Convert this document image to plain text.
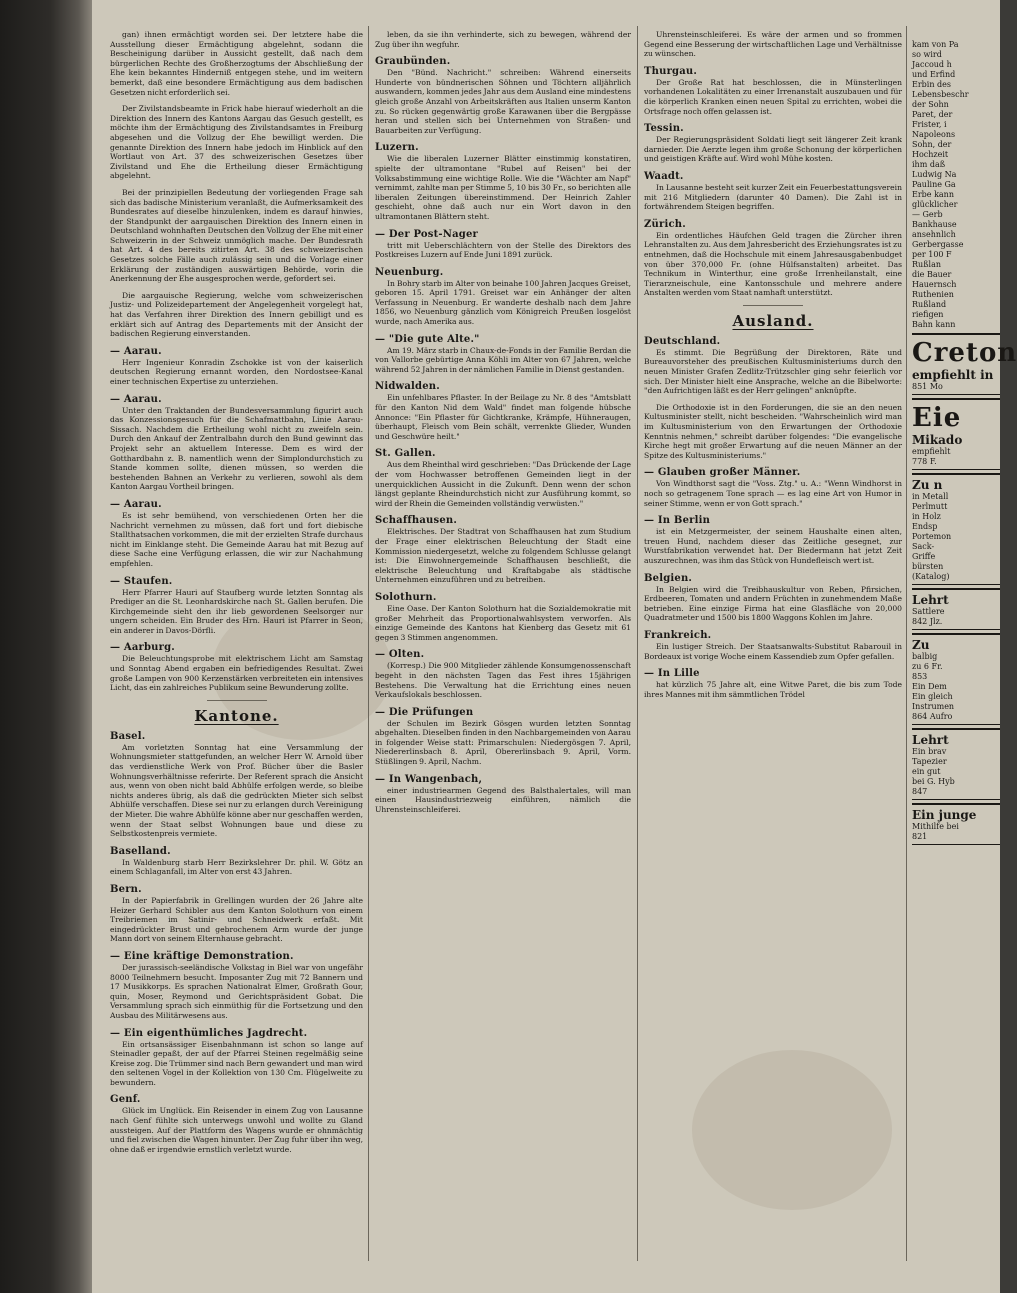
gan) ihnen ermächtigt worden sei. Der letztere habe die Ausstellung dieser Ermächtigung abgelehnt, sodann die Bescheinigung darüber in Aussicht gestellt, daß nach dem bürgerlichen Rechte des Großherzogtums der Abschließung der Ehe kein bekanntes Hinderniß entgegen stehe, und im weitern bemerkt, daß eine besondere Ermächtigung aus dem badischen Gesetzen nicht erforderlich sei.
Der Zivilstandsbeamte in Frick habe hierauf wiederholt an die Direktion des Innern des Kantons Aargau das Gesuch gestellt, es möchte ihm der Ermächtigung des Zivilstandsamtes in Freiburg abgesehen und die Vollzug der Ehe bewilligt werden. Die genannte Direktion des Innern habe jedoch im Hinblick auf den Wortlaut von Art. 37 des schweizerischen Gesetzes über Zivilstand und Ehe die Ertheilung dieser Ermächtigung abgelehnt.
Bei der prinzipiellen Bedeutung der vorliegenden Frage sah sich das badische Ministerium veranlaßt, die Aufmerksamkeit des Bundesrates auf dieselbe hinzulenken, indem es darauf hinwies, der Standpunkt der aargauischen Direktion des Innern einen in Deutschland wohnhaften Deutschen den Vollzug der Ehe mit einer Schweizerin in der Schweiz unmöglich mache. Der Bundesrath hat Art. 4 des bereits zitirten Art. 38 des schweizerischen Gesetzes solche Fälle auch zulässig sein und die Vorlage einer Erklärung der zuständigen auswärtigen Behörde, vorin die Anerkennung der Ehe ausgesprochen werde, gefordert sei.
Die aargauische Regierung, welche vom schweizerischen Justiz- und Polizeidepartement der Angelegenheit vorgelegt hat, hat das Verfahren ihrer Direktion des Innern gebilligt und es erklärt sich auf Antrag des Departements mit der Ansicht der badischen Regierung einverstanden.
— Aarau.
Herr Ingenieur Konradin Zschokke ist von der kaiserlich deutschen Regierung ernannt worden, den Nordostsee-Kanal einer technischen Expertise zu unterziehen.
— Aarau.
Unter den Traktanden der Bundesversammlung figurirt auch das Konzessionsgesuch für die Schafmattbahn, Linie Aarau-Sissach. Nachdem die Ertheilung wohl nicht zu zweifeln sein. Durch den Ankauf der Zentralbahn durch den Bund gewinnt das Projekt sehr an aktuellem Interesse. Dem es wird der Gotthardbahn z. B. namentlich wenn der Simplondurchstich zu Stande kommen sollte, dienen müssen, so werden die bestehenden Bahnen an Verkehr zu verlieren, sowohl als dem Kanton Aargau Vortheil bringen.
— Aarau.
Es ist sehr bemühend, von verschiedenen Orten her die Nachricht vernehmen zu müssen, daß fort und fort diebische Stallthatsachen vorkommen, die mit der erzielten Strafe durchaus nicht im Einklange steht. Die Gemeinde Aarau hat mit Bezug auf diese Sache eine Verfügung erlassen, die wir zur Nachahmung empfehlen.
— Staufen.
Herr Pfarrer Hauri auf Staufberg wurde letzten Sonntag als Prediger an die St. Leonhardskirche nach St. Gallen berufen. Die Kirchgemeinde sieht den ihr lieb gewordenen Seelsorger nur ungern scheiden. Ein Bruder des Hrn. Hauri ist Pfarrer in Seon, ein anderer in Davos-Dörfli.
— Aarburg.
Die Beleuchtungsprobe mit elektrischem Licht am Samstag und Sonntag Abend ergaben ein befriedigendes Resultat. Zwei große Lampen von 900 Kerzenstärken verbreiteten ein intensives Licht, das ein zahlreiches Publikum seine Bewunderung zollte.
Kantone.
Basel.
Am vorletzten Sonntag hat eine Versammlung der Wohnungsmieter stattgefunden, an welcher Herr W. Arnold über das verdienstliche Werk von Prof. Bücher über die Basler Wohnungsverhältnisse referirte. Der Referent sprach die Ansicht aus, wenn von oben nicht bald Abhülfe erfolgen werde, so bleibe nichts anderes übrig, als daß die gedrückten Mieter sich selbst Abhülfe verschaffen. Diese sei nur zu erlangen durch Vereinigung der Mieter. Die wahre Abhülfe könne aber nur geschaffen werden, wenn der Staat selbst Wohnungen baue und diese zu Selbstkostenpreis vermiete.
Baselland.
In Waldenburg starb Herr Bezirkslehrer Dr. phil. W. Götz an einem Schlaganfall, im Alter von erst 43 Jahren.
Bern.
In der Papierfabrik in Grellingen wurden der 26 Jahre alte Heizer Gerhard Schibler aus dem Kanton Solothurn von einem Treibriemen im Satinir- und Schneidwerk erfaßt. Mit eingedrückter Brust und gebrochenem Arm wurde der junge Mann dort von seinem Elternhause gebracht.
— Eine kräftige Demonstration.
Der jurassisch-seeländische Volkstag in Biel war von ungefähr 8000 Teilnehmern besucht. Imposanter Zug mit 72 Bannern und 17 Musikkorps. Es sprachen Nationalrat Elmer, Großrath Gour, quin, Moser, Reymond und Gerichtspräsident Gobat. Die Versammlung sprach sich einmüthig für die Fortsetzung und den Ausbau des Militärwesens aus.
— Ein eigenthümliches Jagdrecht.
Ein ortsansässiger Eisenbahnmann ist schon so lange auf Steinadler gepaßt, der auf der Pfarrei Steinen regelmäßig seine Kreise zog. Die Trümmer sind nach Bern gewandert und man wird den seltenen Vogel in der Kollektion von 130 Cm. Flügelweite zu bewundern.
Genf.
Glück im Unglück. Ein Reisender in einem Zug von Lausanne nach Genf fühlte sich unterwegs unwohl und wollte zu Gland aussteigen. Auf der Plattform des Wagens wurde er ohnmächtig und fiel zwischen die Wagen hinunter. Der Zug fuhr über ihn weg, ohne daß er irgendwie ernstlich verletzt wurde.
leben, da sie ihn verhinderte, sich zu bewegen, während der Zug über ihn wegfuhr.
Graubünden.
Den "Bünd. Nachricht." schreiben: Während einerseits Hunderte von bündnerischen Söhnen und Töchtern alljährlich auswandern, kommen jedes Jahr aus dem Ausland eine mindestens gleich große Anzahl von Arbeitskräften aus Italien unserm Kanton zu. So rücken gegenwärtig große Karawanen über die Bergpässe heran und stellen sich bei Unternehmen von Straßen- und Bauarbeiten zur Verfügung.
Luzern.
Wie die liberalen Luzerner Blätter einstimmig konstatiren, spielte der ultramontane "Rubel auf Reisen" bei der Volksabstimmung eine wichtige Rolle. Wie die "Wächter am Napf" vernimmt, zahlte man per Stimme 5, 10 bis 30 Fr., so berichten alle liberalen Zeitungen übereinstimmend. Der Heinrich Zahler geschieht, ohne daß auch nur ein Wort davon in den ultramontanen Blättern steht.
— Der Post-Nager
tritt mit Ueberschlächtern von der Stelle des Direktors des Postkreises Luzern auf Ende Juni 1891 zurück.
Neuenburg.
In Bohry starb im Alter von beinahe 100 Jahren Jacques Greiset, geboren 15. April 1791. Greiset war ein Anhänger der alten Verfassung in Neuenburg. Er wanderte deshalb nach dem Jahre 1856, wo Neuenburg gänzlich vom Königreich Preußen losgelöst wurde, nach Amerika aus.
— "Die gute Alte."
Am 19. März starb in Chaux-de-Fonds in der Familie Berdan die von Vallorbe gebürtige Anna Köhli im Alter von 67 Jahren, welche während 52 Jahren in der nämlichen Familie in Dienst gestanden.
Nidwalden.
Ein unfehlbares Pflaster. In der Beilage zu Nr. 8 des "Amtsblatt für den Kanton Nid dem Wald" findet man folgende hübsche Annonce: "Ein Pflaster für Gichtkranke, Krämpfe, Hühneraugen, überhaupt, Fleisch vom Bein schält, verrenkte Glieder, Wunden und Geschwüre heilt."
St. Gallen.
Aus dem Rheinthal wird geschrieben: "Das Drückende der Lage der vom Hochwasser betroffenen Gemeinden liegt in der unerquicklichen Aussicht in die Zukunft. Denn wenn der schon längst geplante Rheindurchstich nicht zur Ausführung kommt, so wird der Rhein die Gemeinden vollständig verwüsten."
Schaffhausen.
Elektrisches. Der Stadtrat von Schaffhausen hat zum Studium der Frage einer elektrischen Beleuchtung der Stadt eine Kommission niedergesetzt, welche zu folgendem Schlusse gelangt ist: Die Einwohnergemeinde Schaffhausen beschließt, die elektrische Beleuchtung und Kraftabgabe als städtische Unternehmen einzuführen und zu betreiben.
Solothurn.
Eine Oase. Der Kanton Solothurn hat die Sozialdemokratie mit großer Mehrheit das Proportionalwahlsystem verworfen. Als einzige Gemeinde des Kantons hat Kienberg das Gesetz mit 61 gegen 3 Stimmen angenommen.
— Olten.
(Korresp.) Die 900 Mitglieder zählende Konsumgenossenschaft begeht in den nächsten Tagen das Fest ihres 15jährigen Bestehens. Die Verwaltung hat die Errichtung eines neuen Verkaufslokals beschlossen.
— Die Prüfungen
der Schulen im Bezirk Gösgen wurden letzten Sonntag abgehalten. Dieselben finden in den Nachbargemeinden von Aarau in folgender Weise statt: Primarschulen: Niedergösgen 7. April, Niedererlinsbach 8. April, Obererlinsbach 9. April, Vorm. Stüßlingen 9. April, Nachm.
— In Wangenbach,
einer industriearmen Gegend des Balsthalertales, will man einen Hausindustriezweig einführen, nämlich die Uhrensteinschleiferei.
Uhrensteinschleiferei. Es wäre der armen und so frommen Gegend eine Besserung der wirtschaftlichen Lage und Verhältnisse zu wünschen.
Thurgau.
Der Große Rat hat beschlossen, die in Münsterlingen vorhandenen Lokalitäten zu einer Irrenanstalt auszubauen und für die körperlich Kranken einen neuen Spital zu errichten, wobei die Ortsfrage noch offen gelassen ist.
Tessin.
Der Regierungspräsident Soldati liegt seit längerer Zeit krank darnieder. Die Aerzte legen ihm große Schonung der körperlichen und geistigen Kräfte auf. Wird wohl Mühe kosten.
Waadt.
In Lausanne besteht seit kurzer Zeit ein Feuerbestattungsverein mit 216 Mitgliedern (darunter 40 Damen). Die Zahl ist in fortwährendem Steigen begriffen.
Zürich.
Ein ordentliches Häufchen Geld tragen die Zürcher ihren Lehranstalten zu. Aus dem Jahresbericht des Erziehungsrates ist zu entnehmen, daß die Hochschule mit einem Jahresausgabenbudget von über 370,000 Fr. (ohne Hülfsanstalten) arbeitet. Das Technikum in Winterthur, eine große Irrenheilanstalt, eine Tierarzneischule, eine Kantonsschule und mehrere andere Anstalten werden vom Staat namhaft unterstützt.
Ausland.
Deutschland.
Es stimmt. Die Begrüßung der Direktoren, Räte und Bureauvorsteher des preußischen Kultusministeriums durch den neuen Minister Grafen Zedlitz-Trützschler ging sehr feierlich vor sich. Der Minister hielt eine Ansprache, welche an die Bibelworte: "den Aufrichtigen läßt es der Herr gelingen" anknüpfte.
Die Orthodoxie ist in den Forderungen, die sie an den neuen Kultusminister stellt, nicht bescheiden. "Wahrscheinlich wird man im Kultusministerium von den Erwartungen der Orthodoxie Kenntnis nehmen," schreibt darüber folgendes: "Die evangelische Kirche hegt mit großer Erwartung auf die neuen Männer an der Spitze des Kultusministeriums."
— Glauben großer Männer.
Von Windthorst sagt die "Voss. Ztg." u. A.: "Wenn Windhorst in noch so getragenem Tone sprach — es lag eine Art von Humor in seiner Stimme, wenn er von Gott sprach."
— In Berlin
ist ein Metzgermeister, der seinem Haushalte einen alten, treuen Hund, nachdem dieser das Zeitliche gesegnet, zur Wurstfabrikation verwendet hat. Der Biedermann hat jetzt Zeit auszurechnen, was ihm das Stück von Hundefleisch wert ist.
Belgien.
In Belgien wird die Treibhauskultur von Reben, Pfirsichen, Erdbeeren, Tomaten und andern Früchten in zunehmendem Maße betrieben. Eine einzige Firma hat eine Glasfläche von 20,000 Quadratmeter und 1500 bis 1800 Waggons Kohlen im Jahre.
Frankreich.
Ein lustiger Streich. Der Staatsanwalts-Substitut Rabarouil in Bordeaux ist vorige Woche einem Kassendieb zum Opfer gefallen.
— In Lille
hat kürzlich 75 Jahre alt, eine Witwe Paret, die bis zum Tode ihres Mannes mit ihm sämmtlichen Trödel
kam von Pa
so wird
Jaccoud h
und Erfind
Erbin des
Lebensbeschr
der Sohn
Paret, der
Frister, i
Napoleons
Sohn, der
Hochzeit
ihm daß
Ludwig Na
Pauline Ga
Erbe kann
glücklicher
— Gerb
Bankhause
ansehnlich
Gerbergasse
per 100 F
Rußlan
die Bauer
Hauernsch
Ruthenien
Rußland
riefigen
Bahn kann
Creton
empfiehlt in
851 Mo
Eie
Mikado
empfiehlt
778 F.
Zu n
in Metall
Perlmutt
in Holz
Endsp
Portemon
Sack-
Griffe
bürsten
(Katalog)
Lehrt
Sattlere
842 Jlz.
Zu
balbig
zu 6 Fr.
853
Ein Dem
Ein gleich
Instrumen
864 Aufro
Lehrt
Ein brav
Tapezier
ein gut
bei G. Hyb
847
Ein junge
Mithilfe bei
821
